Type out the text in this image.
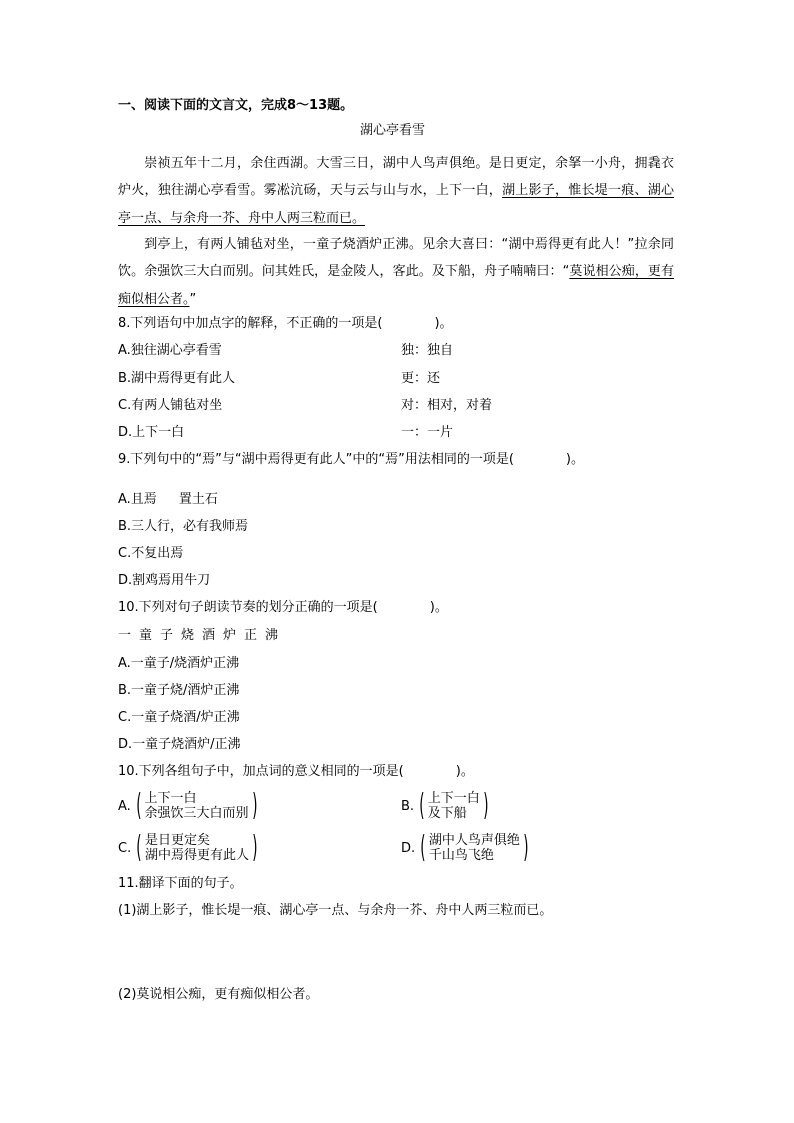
一、阅读下面的文言文，完成8～13题。
湖心亭看雪
  崇祯五年十二月，余住西湖。大雪三日，湖中人鸟声俱绝。是日更定，余拏一小舟，拥毳衣炉火，独往湖心亭看雪。雾凇沆砀，天与云与山与水，上下一白，湖上影子，惟长堤一痕、湖心亭一点、与余舟一芥、舟中人两三粒而已。
  到亭上，有两人铺毡对坐，一童子烧酒炉正沸。见余大喜曰：“湖中焉得更有此人！”拉余同饮。余强饮三大白而别。问其姓氏，是金陵人，客此。及下船，舟子喃喃曰：“莫说相公痴，更有痴似相公者。”
8.下列语句中加点字的解释，不正确的一项是(　　　　)。
A.独往湖心亭看雪	独：独自
B.湖中焉得更有此人	更：还
C.有两人铺毡对坐	对：相对，对着
D.上下一白	一：一片
9.下列句中的“焉”与“湖中焉得更有此人”中的“焉”用法相同的一项是(　　　　)。
A.且焉 置土石
B.三人行，必有我师焉
C.不复出焉
D.割鸡焉用牛刀
10.下列对句子朗读节奏的划分正确的一项是(　　　　)。
一童子烧酒炉正沸
A.一童子/烧酒炉正沸
B.一童子烧/酒炉正沸
C.一童子烧酒/炉正沸
D.一童子烧酒炉/正沸
10.下列各组句子中，加点词的意义相同的一项是(　　　　)。
A. ( 上下一白
余强饮三大白而别 )	B. ( 上下一白
及下船 )
C. ( 是日更定矣
湖中焉得更有此人 )	D. ( 湖中人鸟声俱绝
千山鸟飞绝 )
11.翻译下面的句子。
(1)湖上影子，惟长堤一痕、湖心亭一点、与余舟一芥、舟中人两三粒而已。
(2)莫说相公痴，更有痴似相公者。
